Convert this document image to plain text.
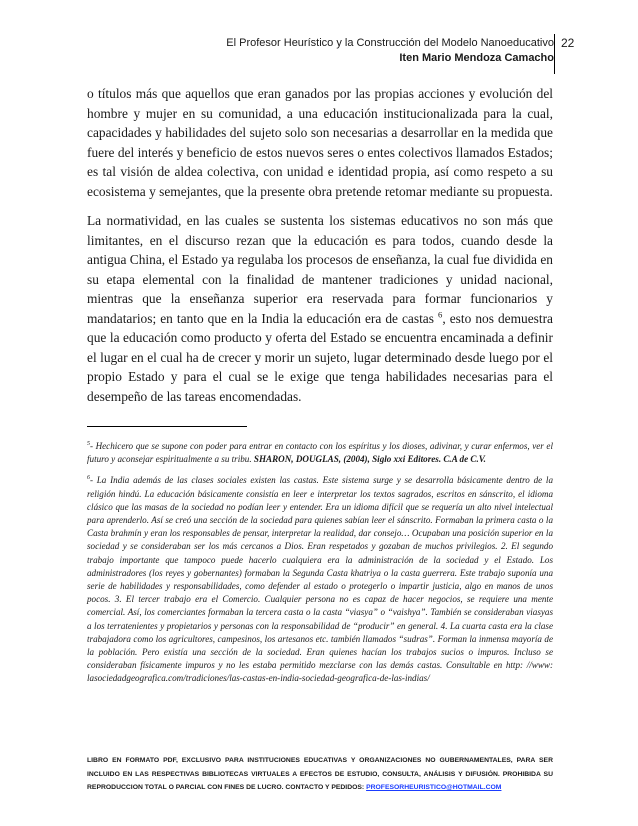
El Profesor Heurístico y la Construcción del Modelo Nanoeducativo
Iten Mario Mendoza Camacho
22

o títulos más que aquellos que eran ganados por las propias acciones y evolución del hombre y mujer en su comunidad, a una educación institucionalizada para la cual, capacidades y habilidades del sujeto solo son necesarias a desarrollar en la medida que fuere del interés y beneficio de estos nuevos seres o entes colectivos llamados Estados; es tal visión de aldea colectiva, con unidad e identidad propia, así como respeto a su ecosistema y semejantes, que la presente obra pretende retomar mediante su propuesta.

La normatividad, en las cuales se sustenta los sistemas educativos no son más que limitantes, en el discurso rezan que la educación es para todos, cuando desde la antigua China, el Estado ya regulaba los procesos de enseñanza, la cual fue dividida en su etapa elemental con la finalidad de mantener tradiciones y unidad nacional, mientras que la enseñanza superior era reservada para formar funcionarios y mandatarios; en tanto que en la India la educación era de castas $^6$, esto nos demuestra que la educación como producto y oferta del Estado se encuentra encaminada a definir el lugar en el cual ha de crecer y morir un sujeto, lugar determinado desde luego por el propio Estado y para el cual se le exige que tenga habilidades necesarias para el desempeño de las tareas encomendadas.

$^5$- Hechicero que se supone con poder para entrar en contacto con los espíritus y los dioses, adivinar, y curar enfermos, ver el futuro y aconsejar espiritualmente a su tribu. SHARON, DOUGLAS, (2004), Siglo xxi Editores. C.A de C.V.

$^6$- La India además de las clases sociales existen las castas. Este sistema surge y se desarrolla básicamente dentro de la religión hindú. La educación básicamente consistía en leer e interpretar los textos sagrados, escritos en sánscrito, el idioma clásico que las masas de la sociedad no podían leer y entender. Era un idioma difícil que se requería un alto nivel intelectual para aprenderlo. Así se creó una sección de la sociedad para quienes sabían leer el sánscrito. Formaban la primera casta o la Casta brahmín y eran los responsables de pensar, interpretar la realidad, dar consejo… Ocupaban una posición superior en la sociedad y se consideraban ser los más cercanos a Dios. Eran respetados y gozaban de muchos privilegios. 2. El segundo trabajo importante que tampoco puede hacerlo cualquiera era la administración de la sociedad y el Estado. Los administradores (los reyes y gobernantes) formaban la Segunda Casta khatriya o la casta guerrera. Este trabajo suponía una serie de habilidades y responsabilidades, como defender al estado o protegerlo o impartir justicia, algo en manos de unos pocos. 3. El tercer trabajo era el Comercio. Cualquier persona no es capaz de hacer negocios, se requiere una mente comercial. Así, los comerciantes formaban la tercera casta o la casta “viasya” o “vaishya”. También se consideraban viasyas a los terratenientes y propietarios y personas con la responsabilidad de “producir” en general. 4. La cuarta casta era la clase trabajadora como los agricultores, campesinos, los artesanos etc. también llamados “sudras”. Forman la inmensa mayoría de la población. Pero existía una sección de la sociedad. Eran quienes hacían los trabajos sucios o impuros. Incluso se consideraban físicamente impuros y no les estaba permitido mezclarse con las demás castas. Consultable en http: //www: lasociedadgeografica.com/tradiciones/las-castas-en-india-sociedad-geografica-de-las-indias/

LIBRO EN FORMATO PDF, EXCLUSIVO PARA INSTITUCIONES EDUCATIVAS Y ORGANIZACIONES NO GUBERNAMENTALES, PARA SER INCLUIDO EN LAS RESPECTIVAS BIBLIOTECAS VIRTUALES A EFECTOS DE ESTUDIO, CONSULTA, ANÁLISIS Y DIFUSIÓN. PROHIBIDA SU REPRODUCCION TOTAL O PARCIAL CON FINES DE LUCRO. CONTACTO Y PEDIDOS: PROFESORHEURISTICO@HOTMAIL.COM
